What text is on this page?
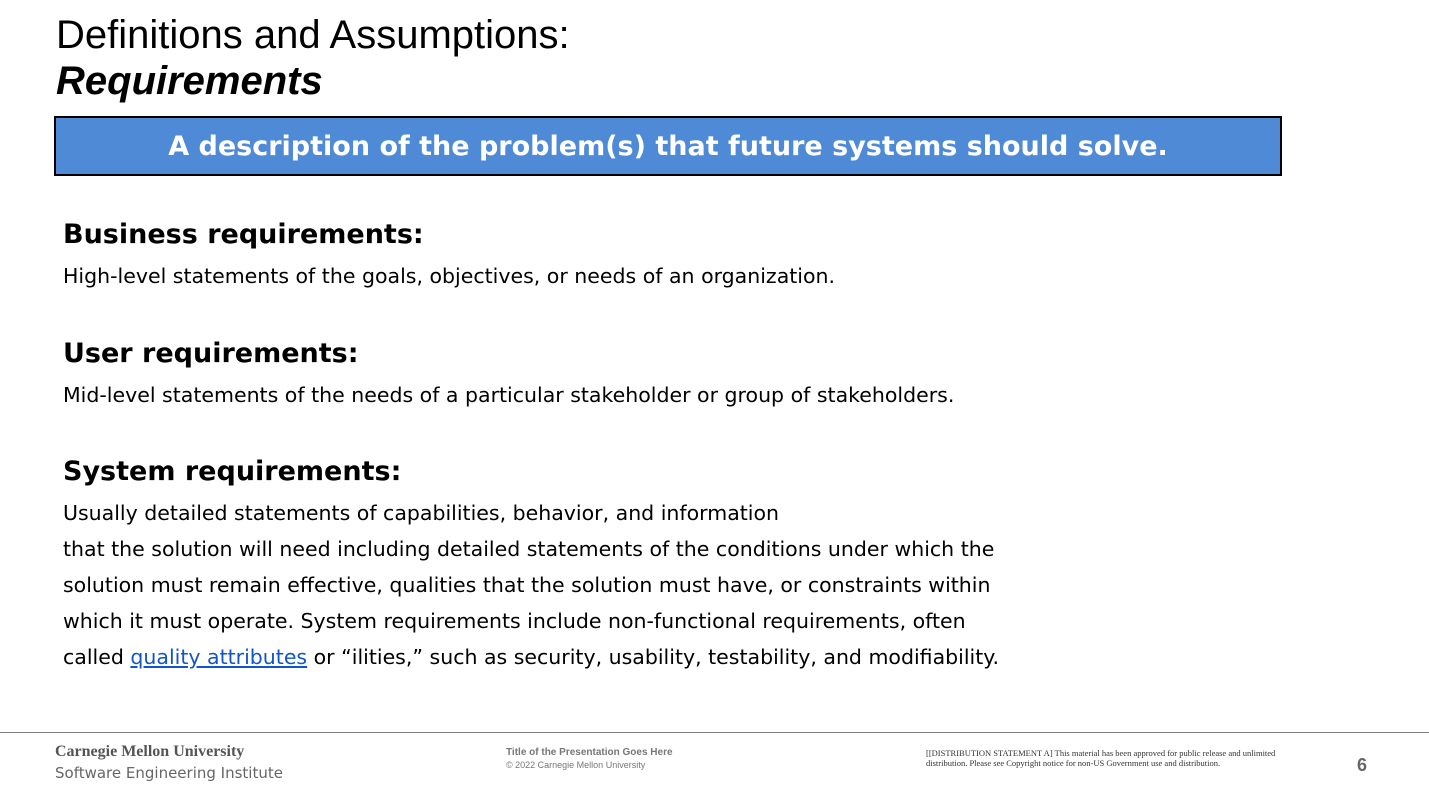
Definitions and Assumptions:
Requirements
A description of the problem(s) that future systems should solve.
Business requirements:
High-level statements of the goals, objectives, or needs of an organization.
User requirements:
Mid-level statements of the needs of a particular stakeholder or group of stakeholders.
System requirements:
Usually detailed statements of capabilities, behavior, and information
that the solution will need including detailed statements of the conditions under which the
solution must remain effective, qualities that the solution must have, or constraints within
which it must operate. System requirements include non-functional requirements, often
called quality attributes or “ilities,” such as security, usability, testability, and modifiability.
Carnegie Mellon University
Software Engineering Institute
Title of the Presentation Goes Here
© 2022 Carnegie Mellon University
[[DISTRIBUTION STATEMENT A] This material has been approved for public release and unlimited distribution. Please see Copyright notice for non-US Government use and distribution.	6
